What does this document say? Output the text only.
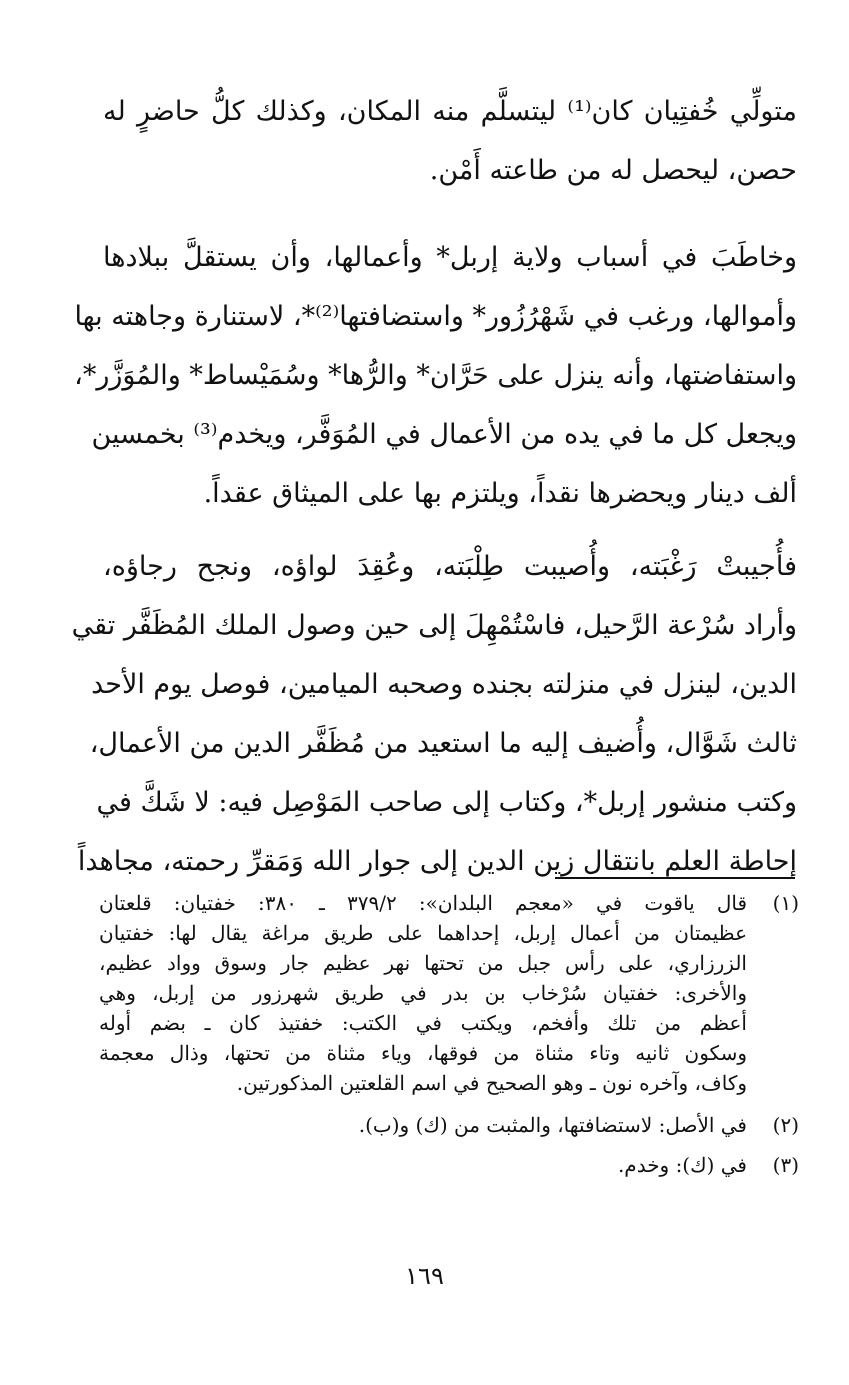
متولِّي خُفتِيان كان⁽¹⁾ ليتسلَّم منه المكان، وكذلك كلُّ حاضرٍ له
حصن، ليحصل له من طاعته أَمْن.
وخاطَبَ في أسباب ولاية إربل* وأعمالها، وأن يستقلَّ ببلادها
وأموالها، ورغب في شَهْرُزُور* واستضافتها⁽²⁾*، لاستنارة وجاهته بها
واستفاضتها، وأنه ينزل على حَرَّان* والرُّها* وسُمَيْساط* والمُوَزَّر*،
ويجعل كل ما في يده من الأعمال في المُوَفَّر، ويخدم⁽³⁾ بخمسين
ألف دينار ويحضرها نقداً، ويلتزم بها على الميثاق عقداً.
فأُجيبتْ رَغْبَته، وأُصيبت طِلْبَته، وعُقِدَ لواؤه، ونجح رجاؤه،
وأراد سُرْعة الرَّحيل، فاسْتُمْهِلَ إلى حين وصول الملك المُظَفَّر تقي
الدين، لينزل في منزلته بجنده وصحبه الميامين، فوصل يوم الأحد
ثالث شَوَّال، وأُضيف إليه ما استعيد من مُظَفَّر الدين من الأعمال،
وكتب منشور إربل*، وكتاب إلى صاحب المَوْصِل فيه: لا شَكَّ في
إحاطة العلم بانتقال زين الدين إلى جوار الله وَمَقرِّ رحمته، مجاهداً
(١)
قال ياقوت في «معجم البلدان»: ٣٧٩/٢ ـ ٣٨٠: خفتيان: قلعتان
عظيمتان من أعمال إربل، إحداهما على طريق مراغة يقال لها: خفتيان
الزرزاري، على رأس جبل من تحتها نهر عظيم جار وسوق وواد عظيم،
والأخرى: خفتيان سُرْخاب بن بدر في طريق شهرزور من إربل، وهي
أعظم من تلك وأفخم، ويكتب في الكتب: خفتيذ كان ـ بضم أوله
وسكون ثانيه وتاء مثناة من فوقها، وياء مثناة من تحتها، وذال معجمة
وكاف، وآخره نون ـ وهو الصحيح في اسم القلعتين المذكورتين.
(٢)
في الأصل: لاستضافتها، والمثبت من (ك) و(ب).
(٣)
في (ك): وخدم.
١٦٩
